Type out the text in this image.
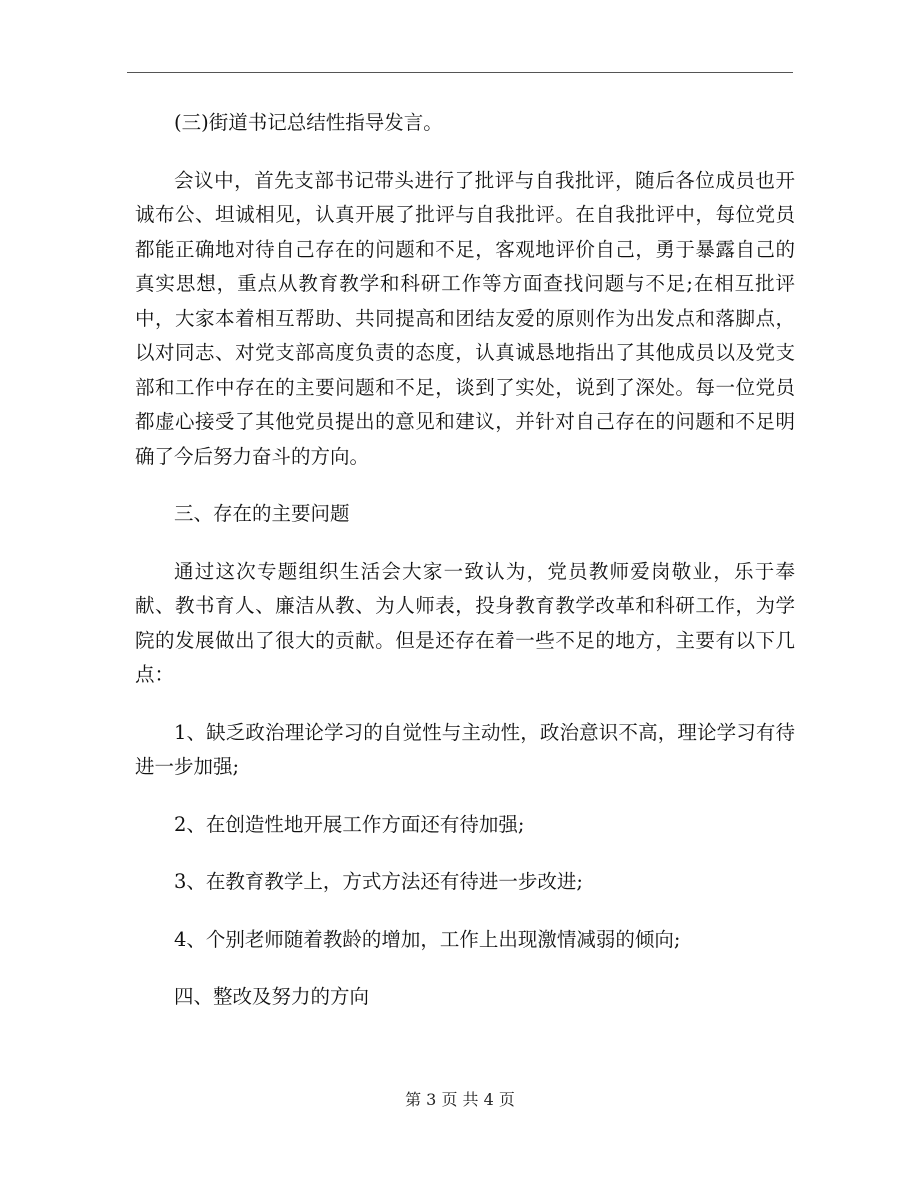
(三)街道书记总结性指导发言。

会议中，首先支部书记带头进行了批评与自我批评，随后各位成员也开诚布公、坦诚相见，认真开展了批评与自我批评。在自我批评中，每位党员都能正确地对待自己存在的问题和不足，客观地评价自己，勇于暴露自己的真实思想，重点从教育教学和科研工作等方面查找问题与不足;在相互批评中，大家本着相互帮助、共同提高和团结友爱的原则作为出发点和落脚点，以对同志、对党支部高度负责的态度，认真诚恳地指出了其他成员以及党支部和工作中存在的主要问题和不足，谈到了实处，说到了深处。每一位党员都虚心接受了其他党员提出的意见和建议，并针对自己存在的问题和不足明确了今后努力奋斗的方向。

三、存在的主要问题

通过这次专题组织生活会大家一致认为，党员教师爱岗敬业，乐于奉献、教书育人、廉洁从教、为人师表，投身教育教学改革和科研工作，为学院的发展做出了很大的贡献。但是还存在着一些不足的地方，主要有以下几点：

1、缺乏政治理论学习的自觉性与主动性，政治意识不高，理论学习有待进一步加强;

2、在创造性地开展工作方面还有待加强;

3、在教育教学上，方式方法还有待进一步改进;

4、个别老师随着教龄的增加，工作上出现激情减弱的倾向;

四、整改及努力的方向

第 3 页 共 4 页
